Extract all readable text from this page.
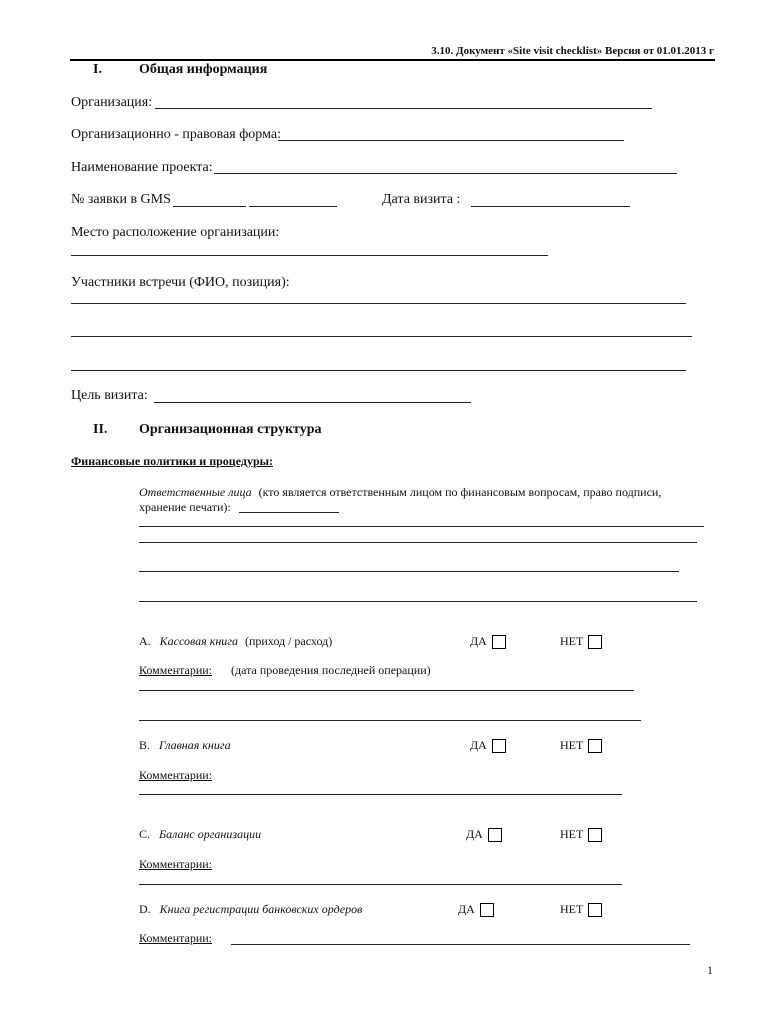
3.10. Документ «Site visit checklist» Версия от 01.01.2013 г
I.	Общая информация
Организация:
Организационно - правовая форма:
Наименование проекта:
№ заявки в GMS	Дата визита :
Место расположение организации:
Участники встречи (ФИО, позиция):
Цель визита:
II. Организационная структура
Финансовые политики и процедуры:
Ответственные лица (кто является ответственным лицом по финансовым вопросам, право подписи,
хранение печати):
A. Кассовая книга (приход / расход)	ДА	НЕТ
Комментарии: (дата проведения последней операции)
B. Главная книга	ДА	НЕТ
Комментарии:
C. Баланс организации	ДА	НЕТ
Комментарии:
D. Книга регистрации банковских ордеров	ДА	НЕТ
Комментарии:
1
